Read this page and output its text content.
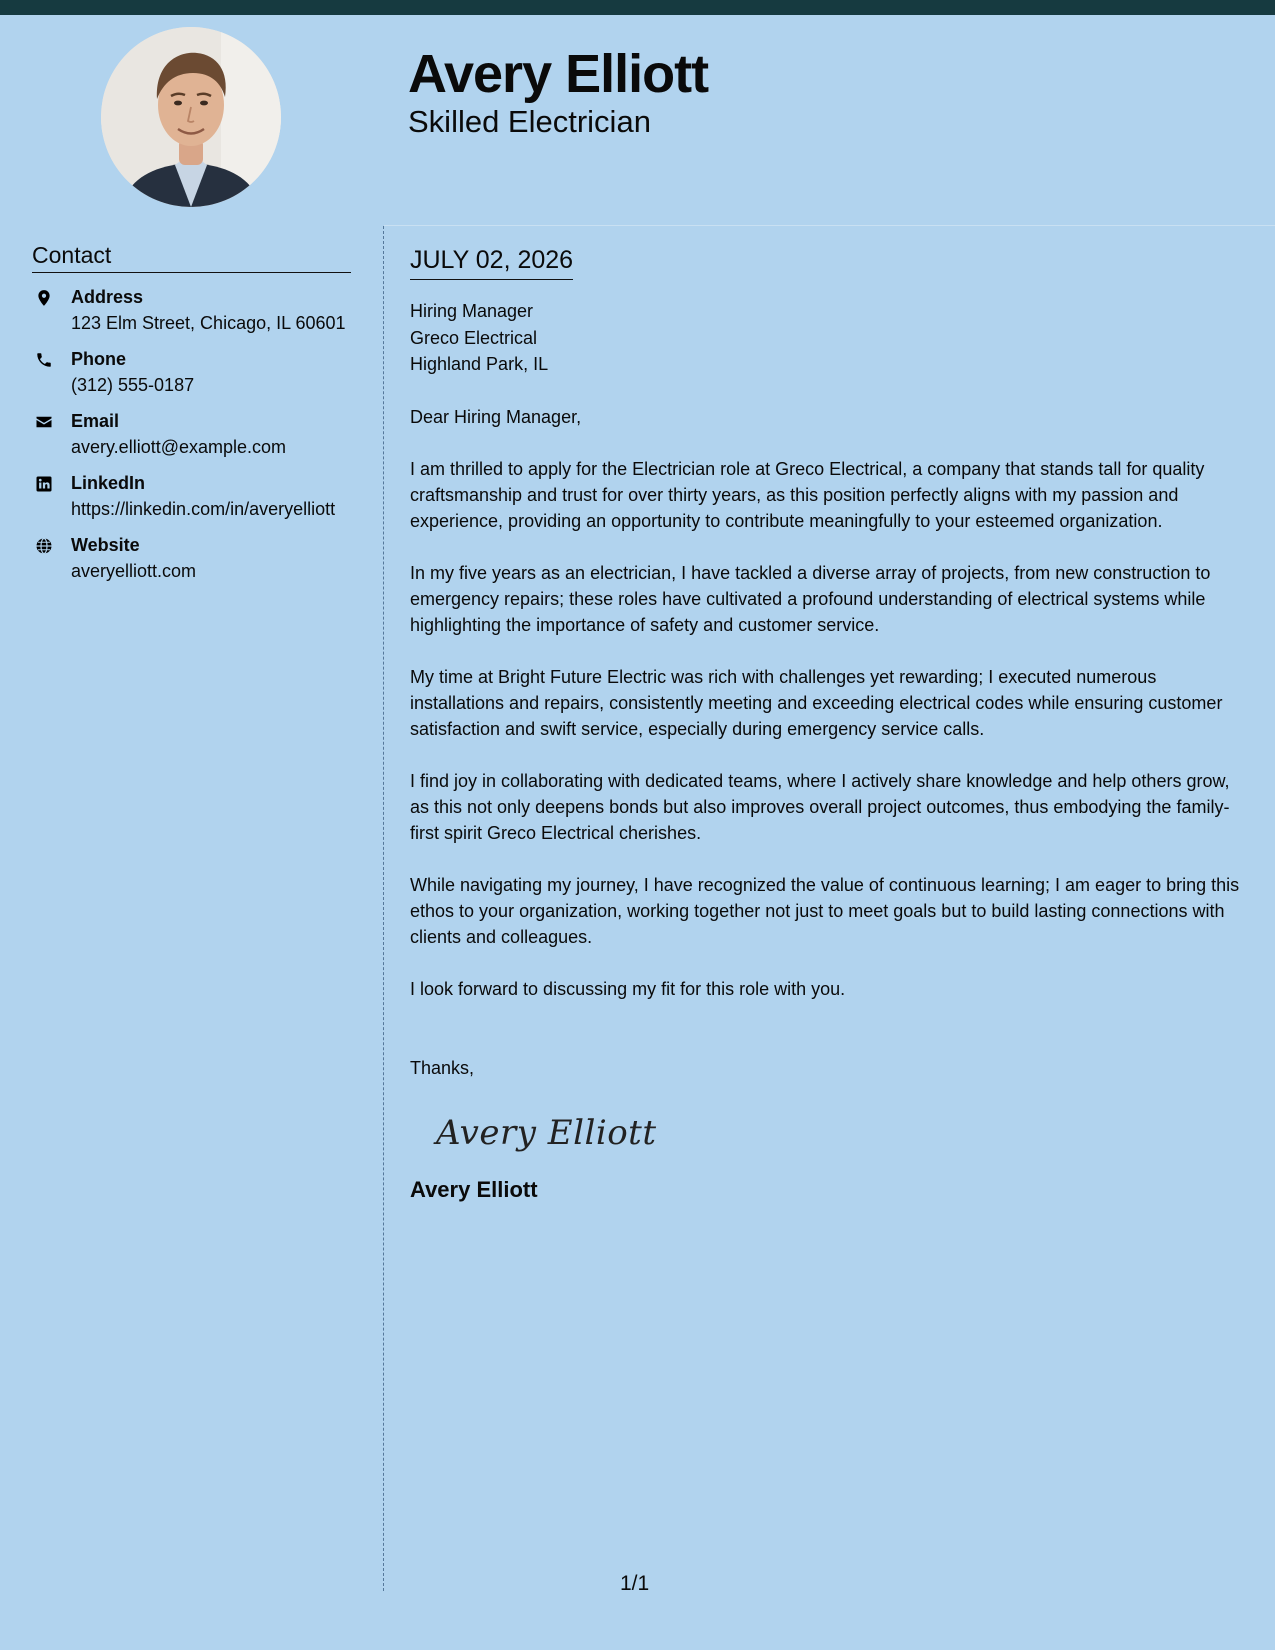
Avery Elliott
Skilled Electrician
Contact
Address
123 Elm Street, Chicago, IL 60601
Phone
(312) 555-0187
Email
avery.elliott@example.com
LinkedIn
https://linkedin.com/in/averyelliott
Website
averyelliott.com
JULY 02, 2026
Hiring Manager
Greco Electrical
Highland Park, IL
Dear Hiring Manager,

I am thrilled to apply for the Electrician role at Greco Electrical, a company that stands tall for quality craftsmanship and trust for over thirty years, as this position perfectly aligns with my passion and experience, providing an opportunity to contribute meaningfully to your esteemed organization.

In my five years as an electrician, I have tackled a diverse array of projects, from new construction to emergency repairs; these roles have cultivated a profound understanding of electrical systems while highlighting the importance of safety and customer service.

My time at Bright Future Electric was rich with challenges yet rewarding; I executed numerous installations and repairs, consistently meeting and exceeding electrical codes while ensuring customer satisfaction and swift service, especially during emergency service calls.

I find joy in collaborating with dedicated teams, where I actively share knowledge and help others grow, as this not only deepens bonds but also improves overall project outcomes, thus embodying the family-first spirit Greco Electrical cherishes.

While navigating my journey, I have recognized the value of continuous learning; I am eager to bring this ethos to your organization, working together not just to meet goals but to build lasting connections with clients and colleagues.

I look forward to discussing my fit for this role with you.

Thanks,
Avery Elliott
Avery Elliott
1/1
